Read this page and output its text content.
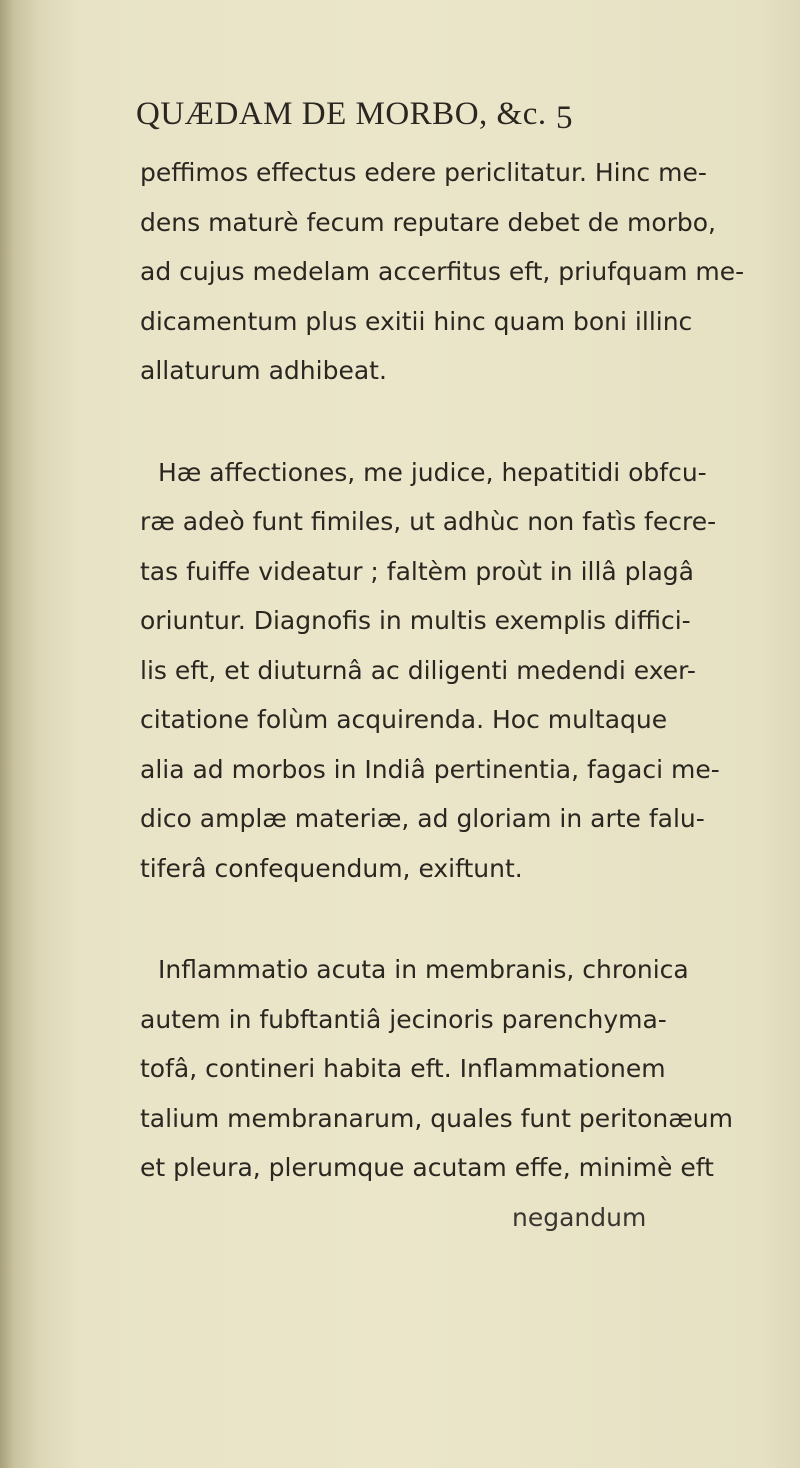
QUÆDAM DE MORBO, &c. 5
peffimos effectus edere periclitatur. Hinc me-
dens maturè fecum reputare debet de morbo,
ad cujus medelam accerfitus eft, priufquam me-
dicamentum plus exitii hinc quam boni illinc
allaturum adhibeat.
Hæ affectiones, me judice, hepatitidi obfcu-
ræ adeò funt fimiles, ut adhùc non fatìs fecre-
tas fuiffe videatur ; faltèm proùt in illâ plagâ
oriuntur. Diagnofis in multis exemplis diffici-
lis eft, et diuturnâ ac diligenti medendi exer-
citatione folùm acquirenda. Hoc multaque
alia ad morbos in Indiâ pertinentia, fagaci me-
dico amplæ materiæ, ad gloriam in arte falu-
tiferâ confequendum, exiftunt.
Inflammatio acuta in membranis, chronica
autem in fubftantiâ jecinoris parenchyma-
tofâ, contineri habita eft. Inflammationem
talium membranarum, quales funt peritonæum
et pleura, plerumque acutam effe, minimè eft
negandum
